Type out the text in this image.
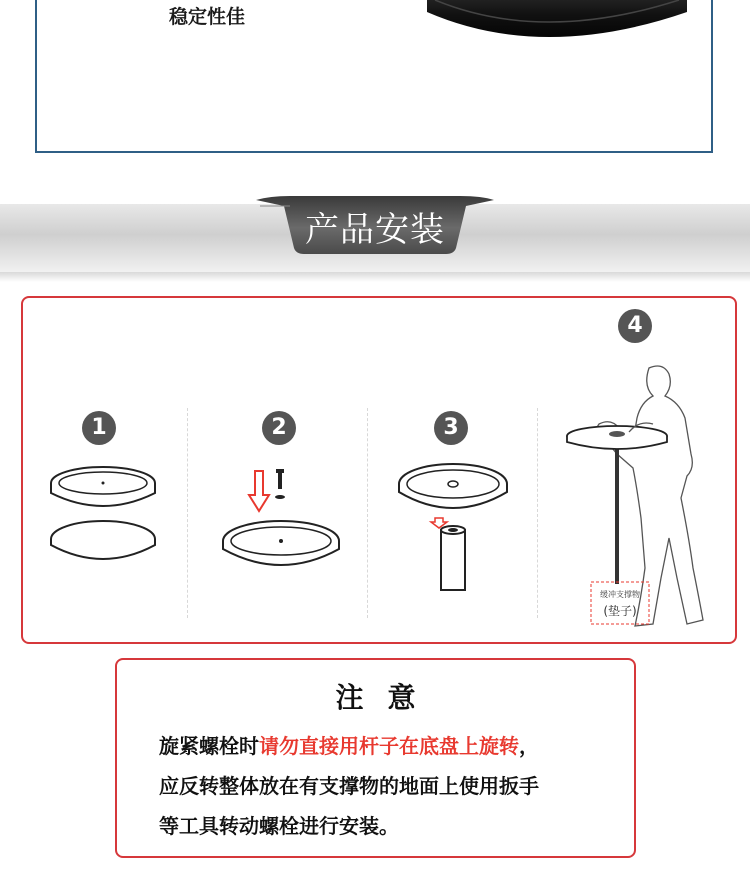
稳定性佳
产品安装
1	2	3
4
缓冲支撑物
(垫子)
注意
旋紧螺栓时请勿直接用杆子在底盘上旋转，
应反转整体放在有支撑物的地面上使用扳手
等工具转动螺栓进行安装。
